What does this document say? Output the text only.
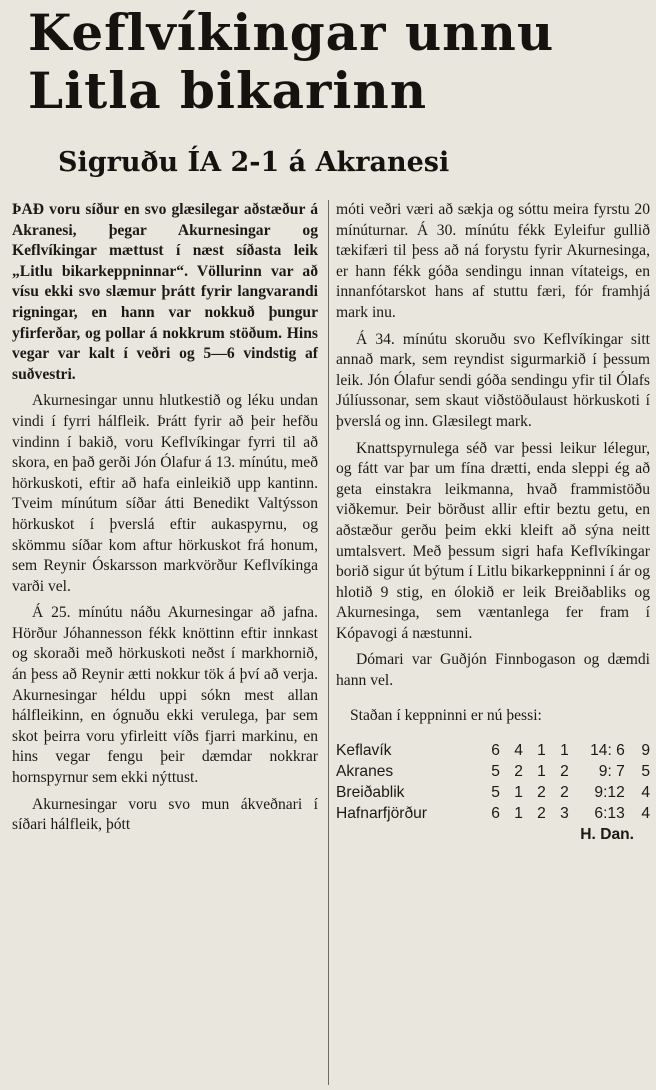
Keflvíkingar unnu Litla bikarinn
Sigruðu ÍA 2-1 á Akranesi

ÞAÐ voru síður en svo glæsilegar aðstæður á Akranesi, þegar Akurnesingar og Keflvíkingar mættust í næst síðasta leik „Litlu bikarkeppninnar“. Völlurinn var að vísu ekki svo slæmur þrátt fyrir langvarandi rigningar, en hann var nokkuð þungur yfirferðar, og pollar á nokkrum stöðum. Hins vegar var kalt í veðri og 5—6 vindstig af suðvestri.

Akurnesingar unnu hlutkestið og léku undan vindi í fyrri hálfleik. Þrátt fyrir að þeir hefðu vindinn í bakið, voru Keflvíkingar fyrri til að skora, en það gerði Jón Ólafur á 13. mínútu, með hörkuskoti, eftir að hafa einleikið upp kantinn. Tveim mínútum síðar átti Benedikt Valtýsson hörkuskot í þverslá eftir aukaspyrnu, og skömmu síðar kom aftur hörkuskot frá honum, sem Reynir Óskarsson markvörður Keflvíkinga varði vel.

Á 25. mínútu náðu Akurnesingar að jafna. Hörður Jóhannesson fékk knöttinn eftir innkast og skoraði með hörkuskoti neðst í markhornið, án þess að Reynir ætti nokkur tök á því að verja. Akurnesingar héldu uppi sókn mest allan hálfleikinn, en ógnuðu ekki verulega, þar sem skot þeirra voru yfirleitt víðs fjarri markinu, en hins vegar fengu þeir dæmdar nokkrar hornspyrnur sem ekki nýttust.

Akurnesingar voru svo mun ákveðnari í síðari hálfleik, þótt

móti veðri væri að sækja og sóttu meira fyrstu 20 mínúturnar. Á 30. mínútu fékk Eyleifur gullið tækifæri til þess að ná forystu fyrir Akurnesinga, er hann fékk góða sendingu innan vítateigs, en innanfótarskot hans af stuttu færi, fór framhjá mark inu.

Á 34. mínútu skoruðu svo Keflvíkingar sitt annað mark, sem reyndist sigurmarkið í þessum leik. Jón Ólafur sendi góða sendingu yfir til Ólafs Júlíussonar, sem skaut viðstöðulaust hörkuskoti í þverslá og inn. Glæsilegt mark.

Knattspyrnulega séð var þessi leikur lélegur, og fátt var þar um fína drætti, enda sleppi ég að geta einstakra leikmanna, hvað frammistöðu viðkemur. Þeir börðust allir eftir beztu getu, en aðstæður gerðu þeim ekki kleift að sýna neitt umtalsvert. Með þessum sigri hafa Keflvíkingar borið sigur út býtum í Litlu bikarkeppninni í ár og hlotið 9 stig, en ólokið er leik Breiðabliks og Akurnesinga, sem væntanlega fer fram í Kópavogi á næstunni.

Dómari var Guðjón Finnbogason og dæmdi hann vel.

Staðan í keppninni er nú þessi:

Keflavík	6	4	1	1	14: 6	9
Akranes	5	2	1	2	9: 7	5
Breiðablik	5	1	2	2	9:12	4
Hafnarfjörður	6	1	2	3	6:13	4
H. Dan.
